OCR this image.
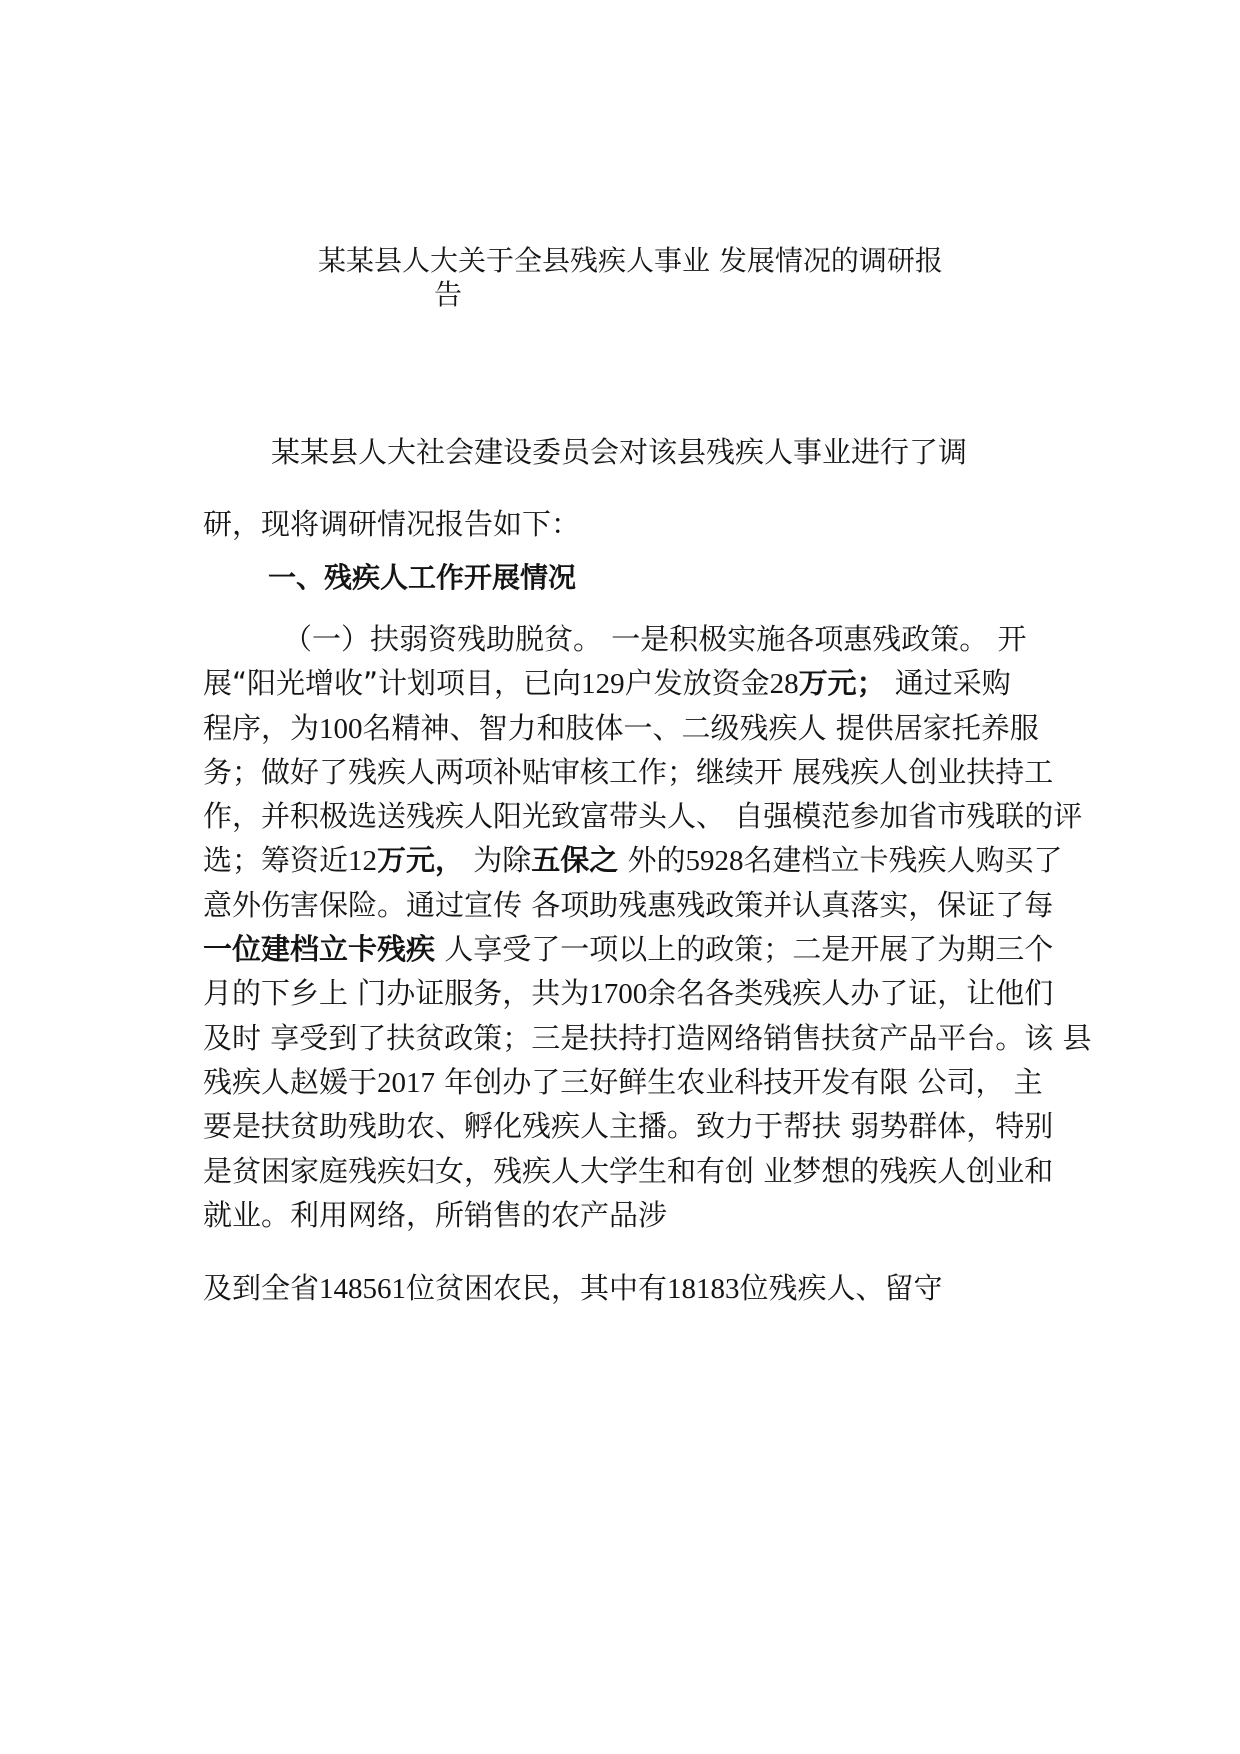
某某县人大关于全县残疾人事业 发展情况的调研报
告
某某县人大社会建设委员会对该县残疾人事业进行了调
研，现将调研情况报告如下：
一、残疾人工作开展情况
（一）扶弱资残助脱贫。 一是积极实施各项惠残政策。 开
展“阳光增收”计划项目，已向129户发放资金28万元； 通过采购
程序，为100名精神、智力和肢体一、二级残疾人 提供居家托养服
务；做好了残疾人两项补贴审核工作；继续开 展残疾人创业扶持工
作，并积极选送残疾人阳光致富带头人、 自强模范参加省市残联的评
选；筹资近12万元， 为除五保之 外的5928名建档立卡残疾人购买了
意外伤害保险。通过宣传 各项助残惠残政策并认真落实，保证了每
一位建档立卡残疾 人享受了一项以上的政策；二是开展了为期三个
月的下乡上 门办证服务，共为1700余名各类残疾人办了证，让他们
及时 享受到了扶贫政策；三是扶持打造网络销售扶贫产品平台。该 县
残疾人赵媛于2017 年创办了三好鲜生农业科技开发有限 公司， 主
要是扶贫助残助农、孵化残疾人主播。致力于帮扶 弱势群体，特别
是贫困家庭残疾妇女，残疾人大学生和有创 业梦想的残疾人创业和
就业。利用网络，所销售的农产品涉
及到全省148561位贫困农民，其中有18183位残疾人、留守
